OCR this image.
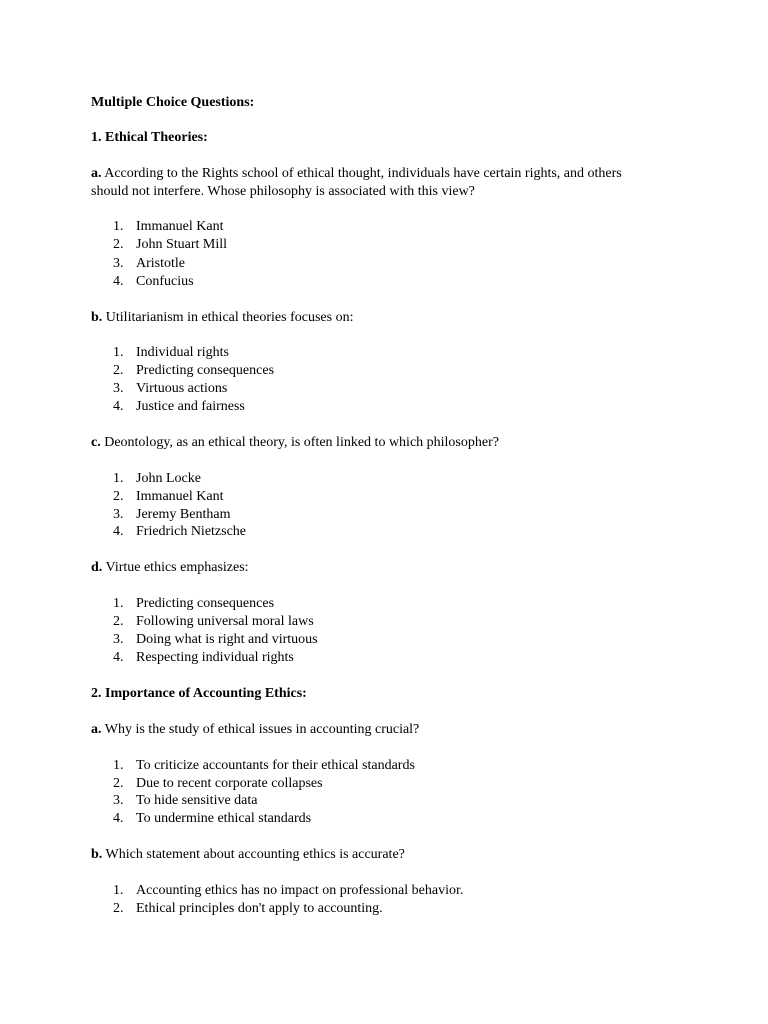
Multiple Choice Questions:
1. Ethical Theories:
a. According to the Rights school of ethical thought, individuals have certain rights, and others
should not interfere. Whose philosophy is associated with this view?
1. Immanuel Kant
2. John Stuart Mill
3. Aristotle
4. Confucius
b. Utilitarianism in ethical theories focuses on:
1. Individual rights
2. Predicting consequences
3. Virtuous actions
4. Justice and fairness
c. Deontology, as an ethical theory, is often linked to which philosopher?
1. John Locke
2. Immanuel Kant
3. Jeremy Bentham
4. Friedrich Nietzsche
d. Virtue ethics emphasizes:
1. Predicting consequences
2. Following universal moral laws
3. Doing what is right and virtuous
4. Respecting individual rights
2. Importance of Accounting Ethics:
a. Why is the study of ethical issues in accounting crucial?
1. To criticize accountants for their ethical standards
2. Due to recent corporate collapses
3. To hide sensitive data
4. To undermine ethical standards
b. Which statement about accounting ethics is accurate?
1. Accounting ethics has no impact on professional behavior.
2. Ethical principles don't apply to accounting.
